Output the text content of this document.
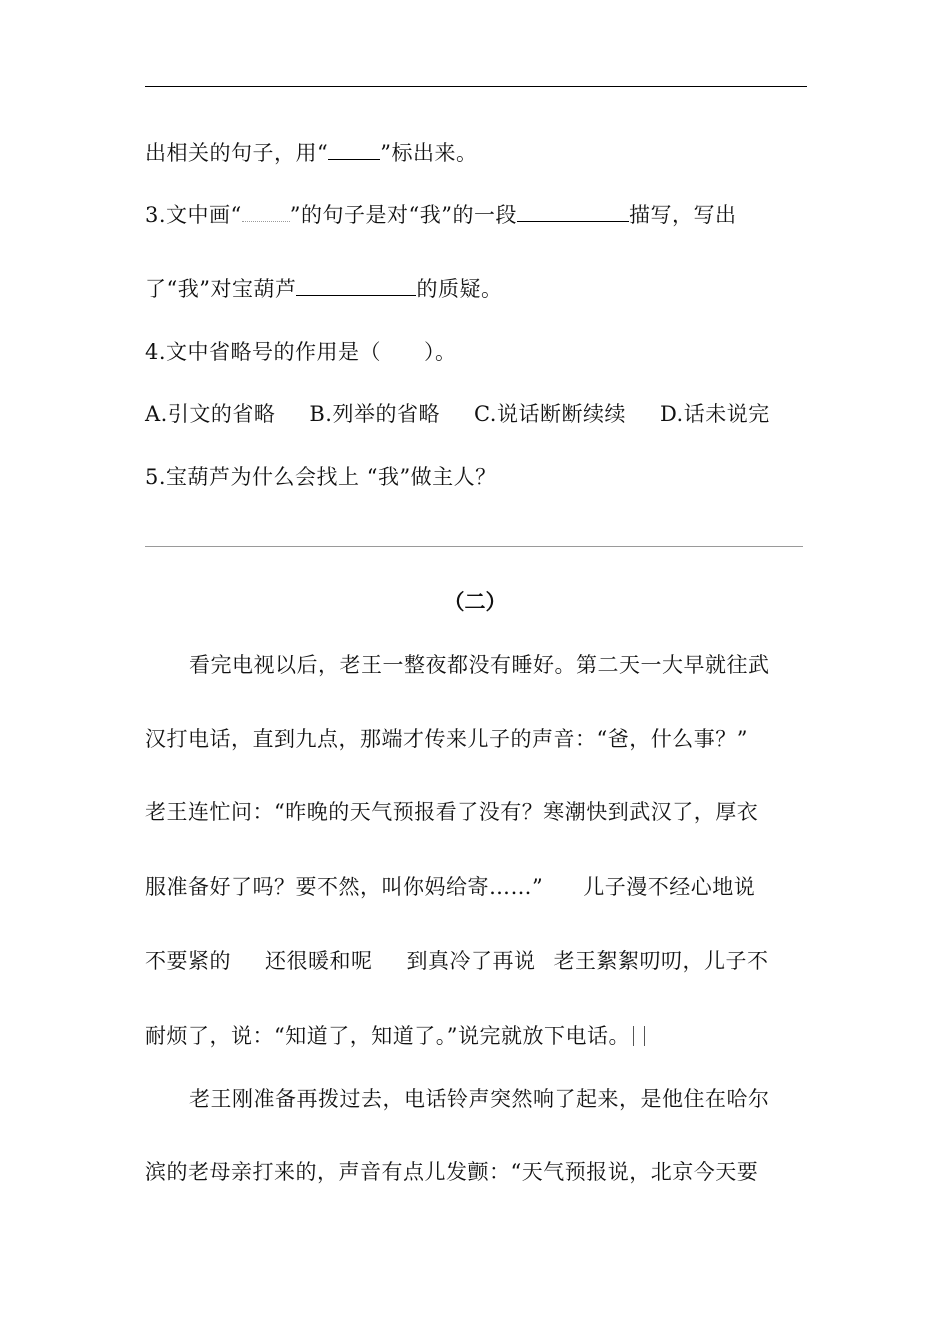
出相关的句子，用“ ”标出来。
3.文中画“ ”的句子是对“我”的一段	描写，写出
了“我”对宝葫芦	的质疑。
4.文中省略号的作用是（　　）。
A.引文的省略 B.列举的省略 C.说话断断续续 D.话未说完
5.宝葫芦为什么会找上 “我”做主人？
（二）
看完电视以后，老王一整夜都没有睡好。第二天一大早就往武
汉打电话，直到九点，那端才传来儿子的声音：“爸，什么事？”
老王连忙问：“昨晚的天气预报看了没有？寒潮快到武汉了，厚衣
服准备好了吗？要不然，叫你妈给寄……” 儿子漫不经心地说
不要紧的 还很暖和呢 到真冷了再说 老王絮絮叨叨，儿子不
耐烦了，说：“知道了，知道了。”说完就放下电话。
老王刚准备再拨过去，电话铃声突然响了起来，是他住在哈尔
滨的老母亲打来的，声音有点儿发颤：“天气预报说，北京今天要
